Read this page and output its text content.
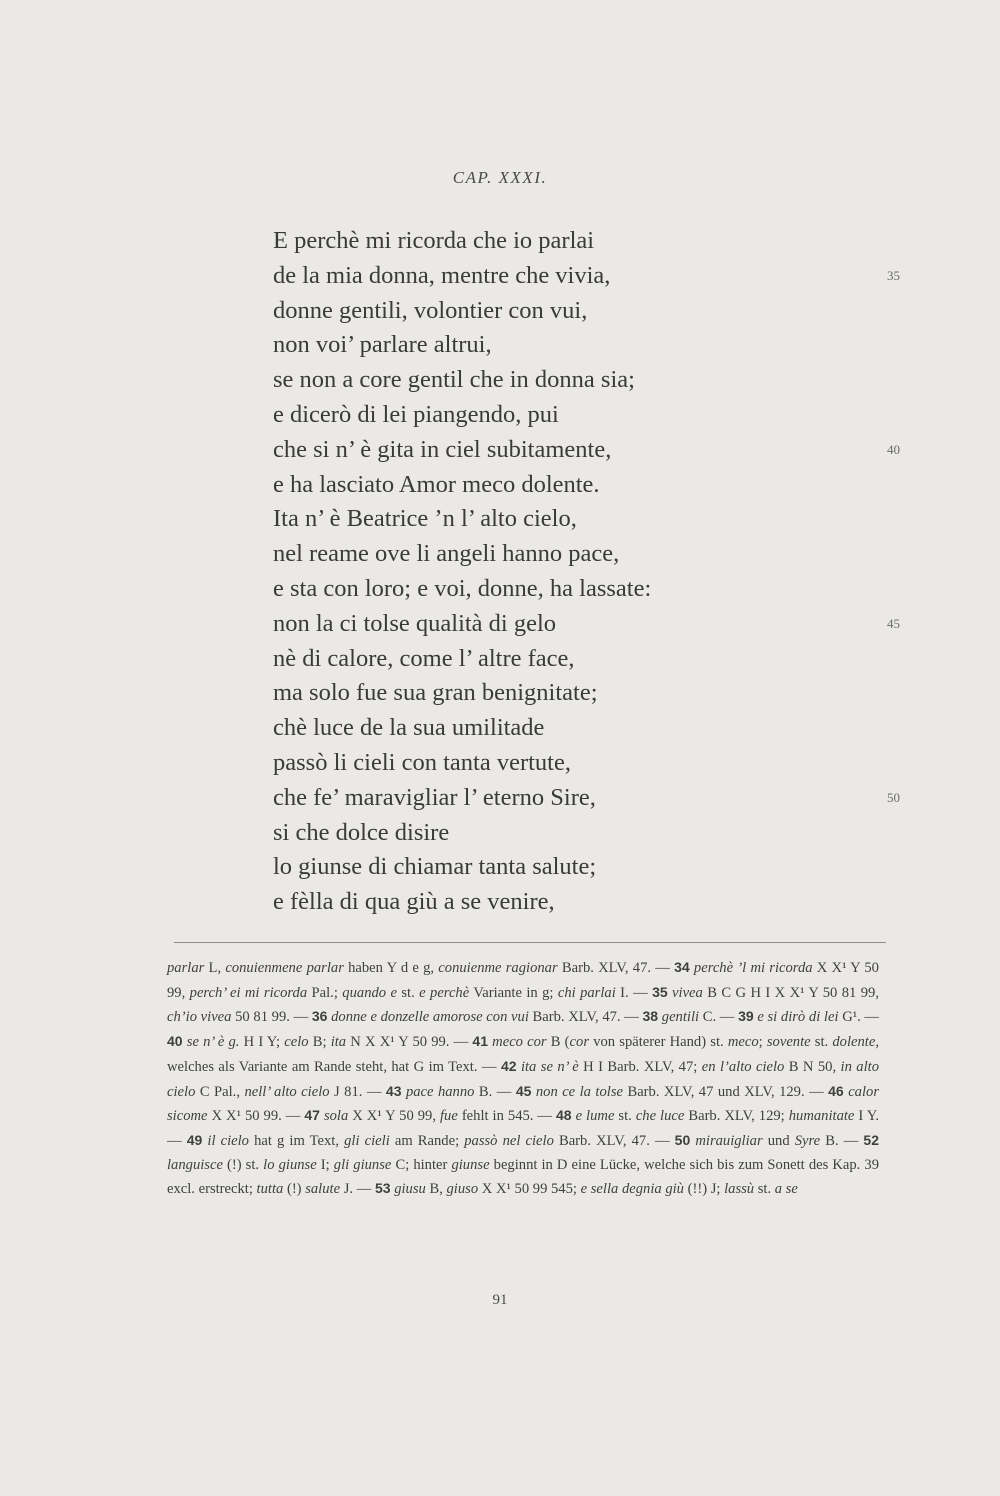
CAP. XXXI.
E perchè mi ricorda che io parlai
de la mia donna, mentre che vivia,	35
donne gentili, volontier con vui,
non voi’ parlare altrui,
se non a core gentil che in donna sia;
e dicerò di lei piangendo, pui
che si n’ è gita in ciel subitamente,	40
e ha lasciato Amor meco dolente.
Ita n’ è Beatrice ’n l’ alto cielo,
nel reame ove li angeli hanno pace,
e sta con loro; e voi, donne, ha lassate:
non la ci tolse qualità di gelo	45
nè di calore, come l’ altre face,
ma solo fue sua gran benignitate;
chè luce de la sua umilitade
passò li cieli con tanta vertute,
che fe’ maravigliar l’ eterno Sire,	50
si che dolce disire
lo giunse di chiamar tanta salute;
e fèlla di qua giù a se venire,

parlar L, conuienmene parlar haben Y d e g, conuienme ragionar Barb. XLV, 47. — 34 perchè ’l mi ricorda X X¹ Y 50 99, perch’ ei mi ricorda Pal.; quando e st. e perchè Variante in g; chi parlai I. — 35 vivea B C G H I X X¹ Y 50 81 99, ch’io vivea 50 81 99. — 36 donne e donzelle amorose con vui Barb. XLV, 47. — 38 gentili C. — 39 e si dirò di lei G¹. — 40 se n’ è g. H I Y; celo B; ita N X X¹ Y 50 99. — 41 meco cor B (cor von späterer Hand) st. meco; sovente st. dolente, welches als Variante am Rande steht, hat G im Text. — 42 ita se n’ è H I Barb. XLV, 47; en l’alto cielo B N 50, in alto cielo C Pal., nell’ alto cielo J 81. — 43 pace hanno B. — 45 non ce la tolse Barb. XLV, 47 und XLV, 129. — 46 calor sicome X X¹ 50 99. — 47 sola X X¹ Y 50 99, fue fehlt in 545. — 48 e lume st. che luce Barb. XLV, 129; humanitate I Y. — 49 il cielo hat g im Text, gli cieli am Rande; passò nel cielo Barb. XLV, 47. — 50 mirauigliar und Syre B. — 52 languisce (!) st. lo giunse I; gli giunse C; hinter giunse beginnt in D eine Lücke, welche sich bis zum Sonett des Kap. 39 excl. erstreckt; tutta (!) salute J. — 53 giusu B, giuso X X¹ 50 99 545; e sella degnia giù (!!) J; lassù st. a se

91
